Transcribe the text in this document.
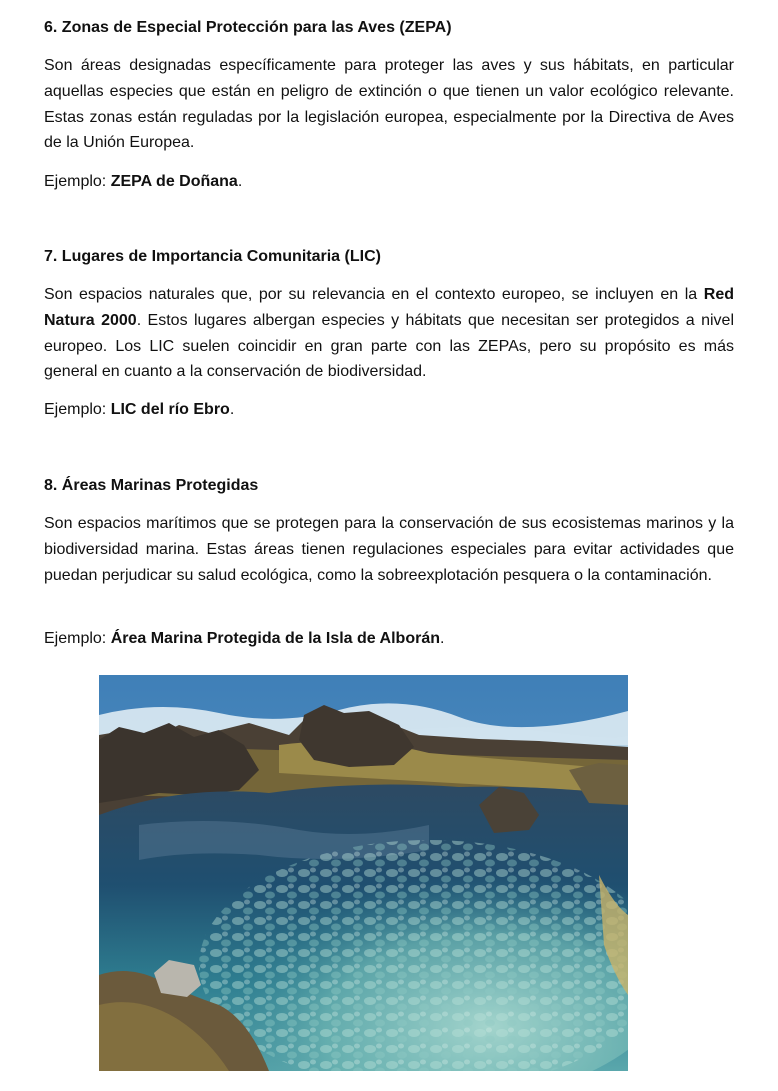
6. Zonas de Especial Protección para las Aves (ZEPA)

Son áreas designadas específicamente para proteger las aves y sus hábitats, en particular aquellas especies que están en peligro de extinción o que tienen un valor ecológico relevante. Estas zonas están reguladas por la legislación europea, especialmente por la Directiva de Aves de la Unión Europea.

Ejemplo: ZEPA de Doñana.

7. Lugares de Importancia Comunitaria (LIC)

Son espacios naturales que, por su relevancia en el contexto europeo, se incluyen en la Red Natura 2000. Estos lugares albergan especies y hábitats que necesitan ser protegidos a nivel europeo. Los LIC suelen coincidir en gran parte con las ZEPAs, pero su propósito es más general en cuanto a la conservación de biodiversidad.

Ejemplo: LIC del río Ebro.

8. Áreas Marinas Protegidas

Son espacios marítimos que se protegen para la conservación de sus ecosistemas marinos y la biodiversidad marina. Estas áreas tienen regulaciones especiales para evitar actividades que puedan perjudicar su salud ecológica, como la sobreexplotación pesquera o la contaminación.

Ejemplo: Área Marina Protegida de la Isla de Alborán.
